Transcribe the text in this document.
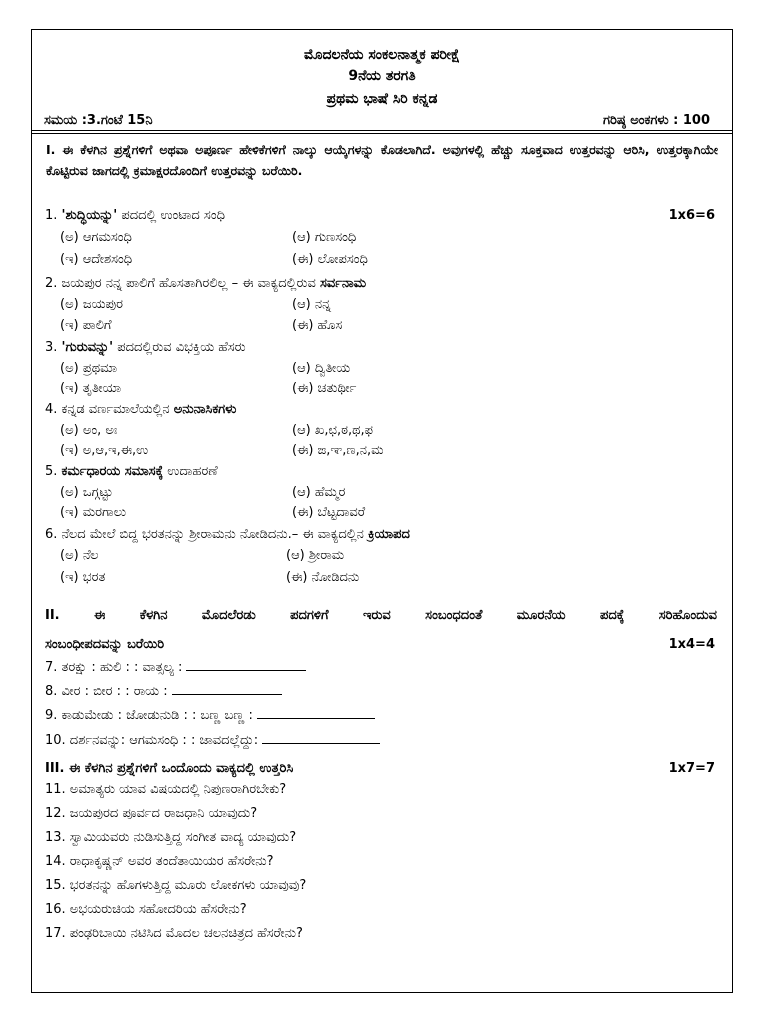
ಮೊದಲನೆಯ ಸಂಕಲನಾತ್ಮಕ ಪರೀಕ್ಷೆ
9ನೆಯ ತರಗತಿ
ಪ್ರಥಮ ಭಾಷೆ ಸಿರಿ ಕನ್ನಡ
ಸಮಯ :3.ಗಂಟೆ 15ನಿ	ಗರಿಷ್ಠ ಅಂಕಗಳು : 100
I. ಈ ಕೆಳಗಿನ ಪ್ರಶ್ನೆಗಳಿಗೆ ಅಥವಾ ಅಪೂರ್ಣ ಹೇಳಿಕೆಗಳಿಗೆ ನಾಲ್ಕು ಆಯ್ಕೆಗಳನ್ನು ಕೊಡಲಾಗಿದೆ. ಅವುಗಳಲ್ಲಿ ಹೆಚ್ಚು ಸೂಕ್ತವಾದ ಉತ್ತರವನ್ನು ಆರಿಸಿ, ಉತ್ತರಕ್ಕಾಗಿಯೇ ಕೊಟ್ಟಿರುವ ಜಾಗದಲ್ಲಿ ಕ್ರಮಾಕ್ಷರದೊಂದಿಗೆ ಉತ್ತರವನ್ನು ಬರೆಯಿರಿ.
1. 'ಶುದ್ಧಿಯನ್ನು' ಪದದಲ್ಲಿ ಉಂಟಾದ ಸಂಧಿ	1x6=6
(ಅ) ಆಗಮಸಂಧಿ	(ಆ) ಗುಣಸಂಧಿ
(ಇ) ಆದೇಶಸಂಧಿ	(ಈ) ಲೋಪಸಂಧಿ
2. ಜಯಪುರ ನನ್ನ ಪಾಲಿಗೆ ಹೊಸತಾಗಿರಲಿಲ್ಲ – ಈ ವಾಕ್ಯದಲ್ಲಿರುವ ಸರ್ವನಾಮ
(ಅ) ಜಯಪುರ	(ಆ) ನನ್ನ
(ಇ) ಪಾಲಿಗೆ	(ಈ) ಹೊಸ
3. 'ಗುರುವನ್ನು' ಪದದಲ್ಲಿರುವ ವಿಭಕ್ತಿಯ ಹೆಸರು
(ಅ) ಪ್ರಥಮಾ	(ಆ) ದ್ವಿತೀಯ
(ಇ) ತೃತೀಯಾ	(ಈ) ಚತುರ್ಥೀ
4. ಕನ್ನಡ ವರ್ಣಮಾಲೆಯಲ್ಲಿನ ಅನುನಾಸಿಕಗಳು
(ಅ) ಅಂ, ಅಃ	(ಆ) ಖ,ಛ,ಠ,ಥ,ಫ
(ಇ) ಅ,ಆ,ಇ,ಈ,ಉ	(ಈ) ಙ,ಞ,ಣ,ನ,ಮ
5. ಕರ್ಮಧಾರಯ ಸಮಾಸಕ್ಕೆ ಉದಾಹರಣೆ
(ಅ) ಒಗ್ಗಟ್ಟು	(ಆ) ಹೆಮ್ಮರ
(ಇ) ಮರಗಾಲು	(ಈ) ಬೆಟ್ಟದಾವರೆ
6. ನೆಲದ ಮೇಲೆ ಬಿದ್ದ ಭರತನನ್ನು ಶ್ರೀರಾಮನು ನೋಡಿದನು.– ಈ ವಾಕ್ಯದಲ್ಲಿನ ಕ್ರಿಯಾಪದ
(ಅ) ನೆಲ	(ಆ) ಶ್ರೀರಾಮ
(ಇ) ಭರತ	(ಈ) ನೋಡಿದನು
II. ಈ ಕೆಳಗಿನ ಮೊದಲೆರಡು ಪದಗಳಿಗೆ ಇರುವ ಸಂಬಂಧದಂತೆ ಮೂರನೆಯ ಪದಕ್ಕೆ ಸರಿಹೊಂದುವ
ಸಂಬಂಧೀಪದವನ್ನು ಬರೆಯಿರಿ	1x4=4
7. ತರಕ್ಷು : ಹುಲಿ : : ವಾತ್ಸಲ್ಯ :
8. ವೀರ : ಬೀರ : : ರಾಯ :
9. ಕಾಡುಮೇಡು : ಜೋಡುನುಡಿ : : ಬಣ್ಣ ಬಣ್ಣ :
10. ದರ್ಶನವನ್ನು: ಆಗಮಸಂಧಿ : : ಜಾವದಲ್ಲೆದ್ದು:
III. ಈ ಕೆಳಗಿನ ಪ್ರಶ್ನೆಗಳಿಗೆ ಒಂದೊಂದು ವಾಕ್ಯದಲ್ಲಿ ಉತ್ತರಿಸಿ	1x7=7
11. ಅಮಾತ್ಯರು ಯಾವ ವಿಷಯದಲ್ಲಿ ನಿಪುಣರಾಗಿರಬೇಕು?
12. ಜಯಪುರದ ಪೂರ್ವದ ರಾಜಧಾನಿ ಯಾವುದು?
13. ಸ್ವಾಮಿಯವರು ನುಡಿಸುತ್ತಿದ್ದ ಸಂಗೀತ ವಾದ್ಯ ಯಾವುದು?
14. ರಾಧಾಕೃಷ್ಣನ್ ಅವರ ತಂದೆತಾಯಿಯರ ಹೆಸರೇನು?
15. ಭರತನನ್ನು ಹೊಗಳುತ್ತಿದ್ದ ಮೂರು ಲೋಕಗಳು ಯಾವುವು?
16. ಅಭಯರುಚಿಯ ಸಹೋದರಿಯ ಹೆಸರೇನು?
17. ಪಂಢರಿಬಾಯಿ ನಟಿಸಿದ ಮೊದಲ ಚಲನಚಿತ್ರದ ಹೆಸರೇನು?
